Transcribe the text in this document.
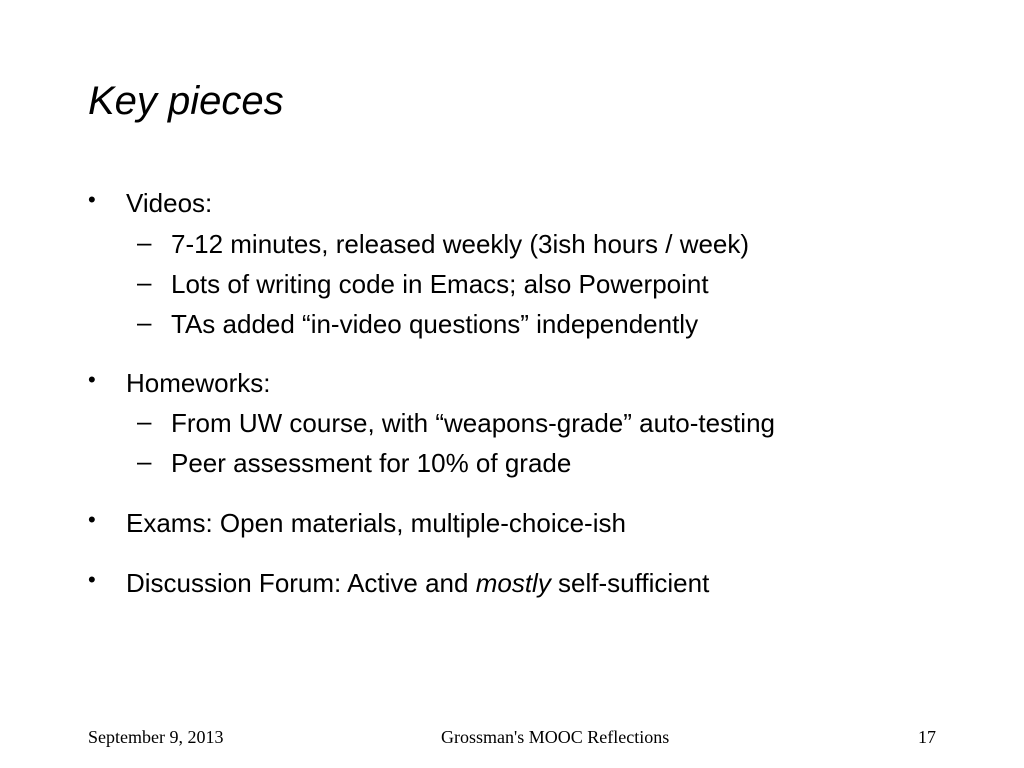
Key pieces
• Videos:
– 7-12 minutes, released weekly (3ish hours / week)
– Lots of writing code in Emacs; also Powerpoint
– TAs added “in-video questions” independently
• Homeworks:
– From UW course, with “weapons-grade” auto-testing
– Peer assessment for 10% of grade
• Exams: Open materials, multiple-choice-ish
• Discussion Forum: Active and mostly self-sufficient
September 9, 2013	Grossman's MOOC Reflections	17
